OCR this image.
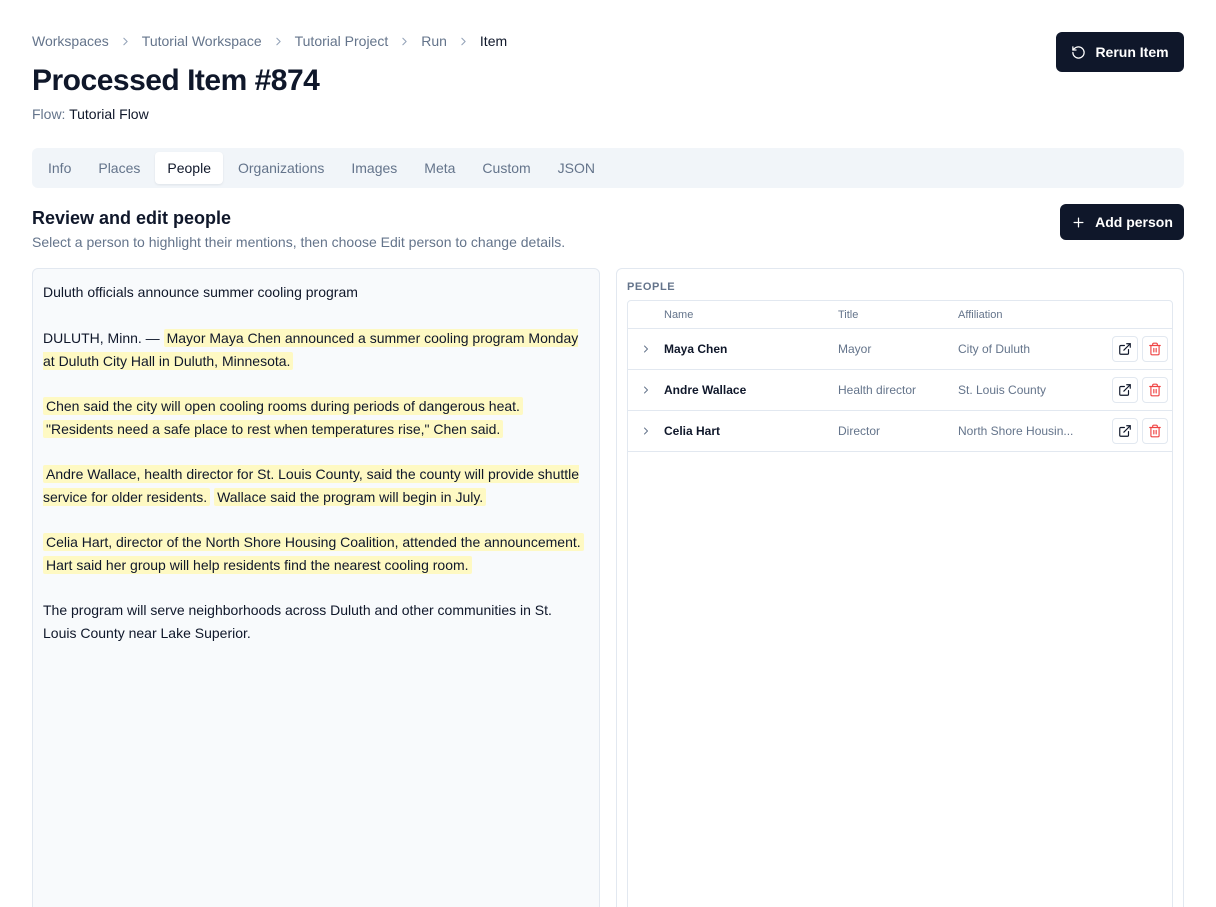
Workspaces Tutorial Workspace Tutorial Project Run Item
Processed Item #874
Flow: Tutorial Flow
Rerun Item
Info	Places	People	Organizations	Images	Meta	Custom	JSON
Review and edit people
Select a person to highlight their mentions, then choose Edit person to change details.
Add person

Duluth officials announce summer cooling program

DULUTH, Minn. — Mayor Maya Chen announced a summer cooling program Monday at Duluth City Hall in Duluth, Minnesota.

Chen said the city will open cooling rooms during periods of dangerous heat. "Residents need a safe place to rest when temperatures rise," Chen said.

Andre Wallace, health director for St. Louis County, said the county will provide shuttle service for older residents. Wallace said the program will begin in July.

Celia Hart, director of the North Shore Housing Coalition, attended the announcement. Hart said her group will help residents find the nearest cooling room.

The program will serve neighborhoods across Duluth and other communities in St. Louis County near Lake Superior.

PEOPLE
Name	Title	Affiliation
Maya Chen	Mayor	City of Duluth
Andre Wallace	Health director	St. Louis County
Celia Hart	Director	North Shore Housin...
